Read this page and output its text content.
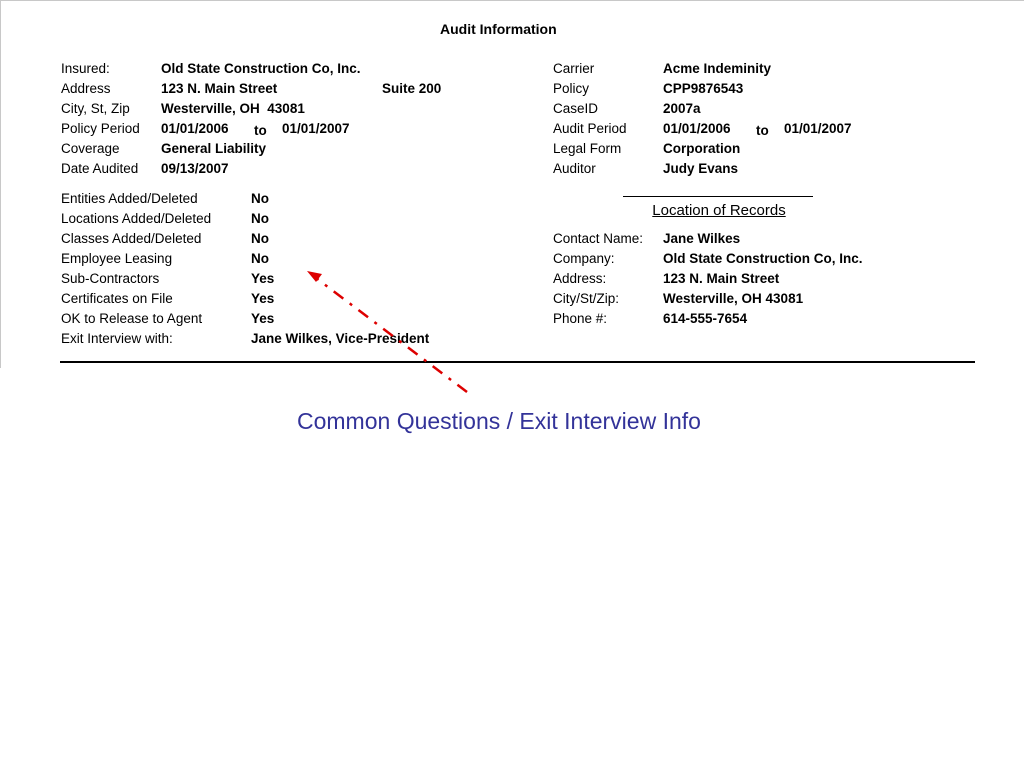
Audit Information
Insured:	Old State Construction Co, Inc.
Address	123 N. Main Street	Suite 200
City, St, Zip Westerville, OH  43081
Policy Period 01/01/2006 to 01/01/2007
Coverage	General Liability
Date Audited 09/13/2007
Carrier	Acme Indeminity
Policy	CPP9876543
CaseID	2007a
Audit Period	01/01/2006 to 01/01/2007
Legal Form	Corporation
Auditor	Judy Evans
Entities Added/Deleted	No
Locations Added/Deleted	No
Classes Added/Deleted	No
Employee Leasing	No
Sub-Contractors	Yes
Certificates on File	Yes
OK to Release to Agent	Yes
Exit Interview with:	Jane Wilkes, Vice-President
Location of Records
Contact Name: Jane Wilkes
Company:	Old State Construction Co, Inc.
Address:	123 N. Main Street
City/St/Zip:	Westerville, OH 43081
Phone #:	614-555-7654
Common Questions / Exit Interview Info
